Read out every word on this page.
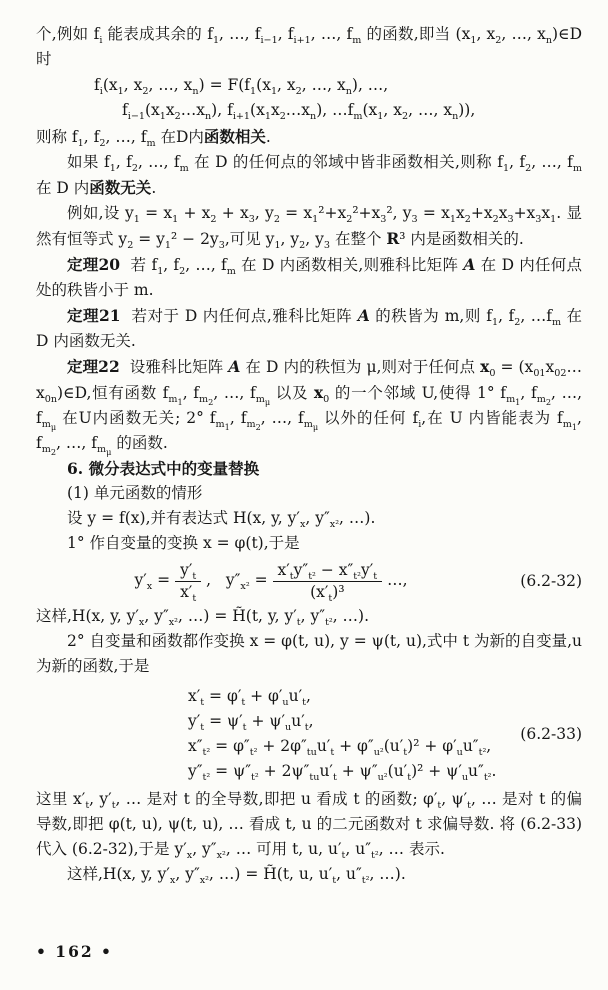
个,例如 $f_i$ 能表成其余的 $f_1$, …, $f_{i-1}$, $f_{i+1}$, …, $f_m$ 的函数,即当 ($x_1$, $x_2$, …, $x_n)\in D$ 时

$f_i(x_1$, $x_2$, …, $x_n) = F(f_1(x_1$, $x_2$, …, $x_n$), …,
$f_{i-1}(x_1x_2\dots x_n)$, $f_{i+1}(x_1x_2\dots x_n)$, $\dots f_m(x_1$, $x_2$, …, $x_n$)),

则称 $f_1$, $f_2$, …, $f_m$ 在D内函数相关.

如果 $f_1$, $f_2$, …, $f_m$ 在 D 的任何点的邻域中皆非函数相关,则称 $f_1$, $f_2$, …, $f_m$ 在 D 内函数无关.

例如,设 $y_1 = x_1 + x_2 + x_3$, $y_2 = x_1^2+x_2^2+x_3^2$, $y_3 = x_1x_2+x_2x_3+x_3x_1$. 显然有恒等式 $y_2 = y_1^2 - 2y_3$,可见 $y_1$, $y_2$, $y_3$ 在整个 R³ 内是函数相关的.

定理20  若 $f_1$, $f_2$, …, $f_m$ 在 D 内函数相关,则雅科比矩阵 A 在 D 内任何点处的秩皆小于 m.

定理21  若对于 D 内任何点,雅科比矩阵 A 的秩皆为 m,则 $f_1$, $f_2$, $\dots f_m$ 在 D 内函数无关.

定理22  设雅科比矩阵 A 在 D 内的秩恒为 μ,则对于任何点 $x_0$ = $(x_{01}x_{02}\dots x_{0n})\in D$,恒有函数 $f_{m_1}$, $f_{m_2}$, …, $f_{m_\mu}$ 以及 $x_0$ 的一个邻域 U,使得 1° $f_{m_1}$, $f_{m_2}$, …, $f_{m_\mu}$ 在U内函数无关; 2° $f_{m_1}$, $f_{m_2}$, …, $f_{m_\mu}$ 以外的任何 $f_i$,在 U 内皆能表为 $f_{m_1}$, $f_{m_2}$, …, $f_{m_\mu}$ 的函数.

6. 微分表达式中的变量替换

(1) 单元函数的情形

设 y = f(x),并有表达式 H(x, y, $y'_x$, $y''_{x^2}$, …).

1° 作自变量的变换 x = φ(t),于是

$y'_x = \frac{y'_t}{x'_t}$ ,   $y''_{x^2} = \frac{x'_ty''_{t^2} - x''_{t^2}y'_t}{(x'_t)^3}$ …,	(6.2-32)

这样,H(x, y, $y'_x$, $y''_{x^2}$, …) = H̃(t, y, $y'_t$, $y''_{t^2}$, …).

2° 自变量和函数都作变换 x = φ(t, u), y = ψ(t, u),式中 t 为新的自变量,u 为新的函数,于是

$x'_t = \varphi'_t + \varphi'_uu'_t$,
$y'_t = \psi'_t + \psi'_uu'_t$,
$x''_{t^2} = \varphi''_{t^2} + 2\varphi''_{tu}u'_t + \varphi''_{u^2}(u'_t)^2 + \varphi'_uu''_{t^2}$,
$y''_{t^2} = \psi''_{t^2} + 2\psi''_{tu}u'_t + \psi''_{u^2}(u'_t)^2 + \psi'_uu''_{t^2}$.
(6.2-33)

这里 $x'_t$, $y'_t$, … 是对 t 的全导数,即把 u 看成 t 的函数; $\varphi'_t$, $\psi'_t$, … 是对 t 的偏导数,即把 φ(t, u), ψ(t, u), … 看成 t, u 的二元函数对 t 求偏导数. 将 (6.2-33) 代入 (6.2-32),于是 $y'_x$, $y''_{x^2}$, … 可用 t, u, $u'_t$, $u''_{t^2}$, … 表示.

这样,H(x, y, $y'_x$, $y''_{x^2}$, …) = H̃(t, u, $u'_t$, $u''_{t^2}$, …).

• 162 •
